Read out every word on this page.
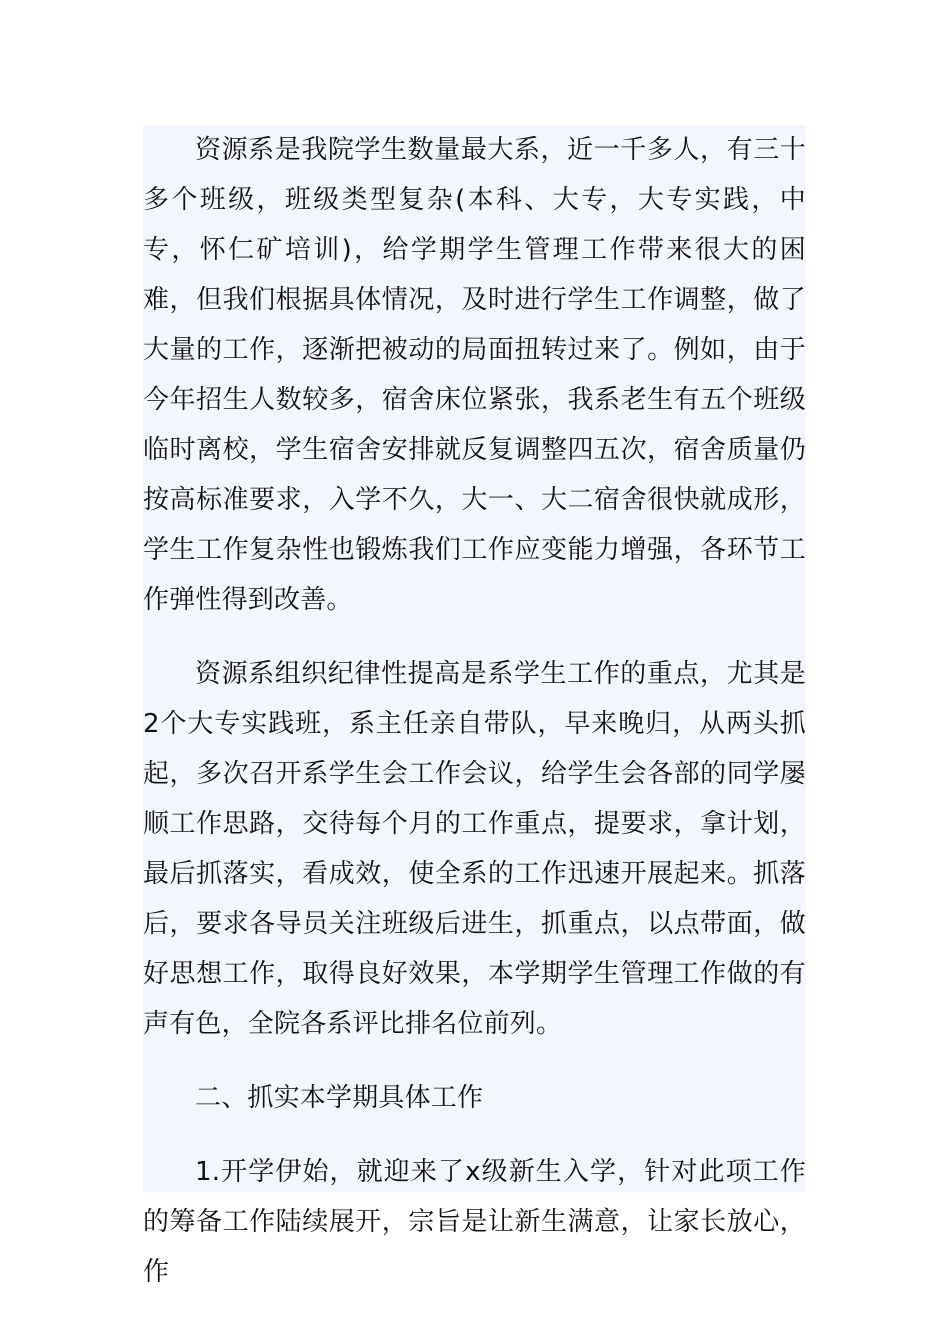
资源系是我院学生数量最大系，近一千多人，有三十多个班级，班级类型复杂(本科、大专，大专实践，中专，怀仁矿培训)，给学期学生管理工作带来很大的困难，但我们根据具体情况，及时进行学生工作调整，做了大量的工作，逐渐把被动的局面扭转过来了。例如，由于今年招生人数较多，宿舍床位紧张，我系老生有五个班级临时离校，学生宿舍安排就反复调整四五次，宿舍质量仍按高标准要求，入学不久，大一、大二宿舍很快就成形，学生工作复杂性也锻炼我们工作应变能力增强，各环节工作弹性得到改善。

资源系组织纪律性提高是系学生工作的重点，尤其是2个大专实践班，系主任亲自带队，早来晚归，从两头抓起，多次召开系学生会工作会议，给学生会各部的同学屡顺工作思路，交待每个月的工作重点，提要求，拿计划，最后抓落实，看成效，使全系的工作迅速开展起来。抓落后，要求各导员关注班级后进生，抓重点，以点带面，做好思想工作，取得良好效果，本学期学生管理工作做的有声有色，全院各系评比排名位前列。

二、抓实本学期具体工作

1.开学伊始，就迎来了x级新生入学，针对此项工作的筹备工作陆续展开，宗旨是让新生满意，让家长放心，作
